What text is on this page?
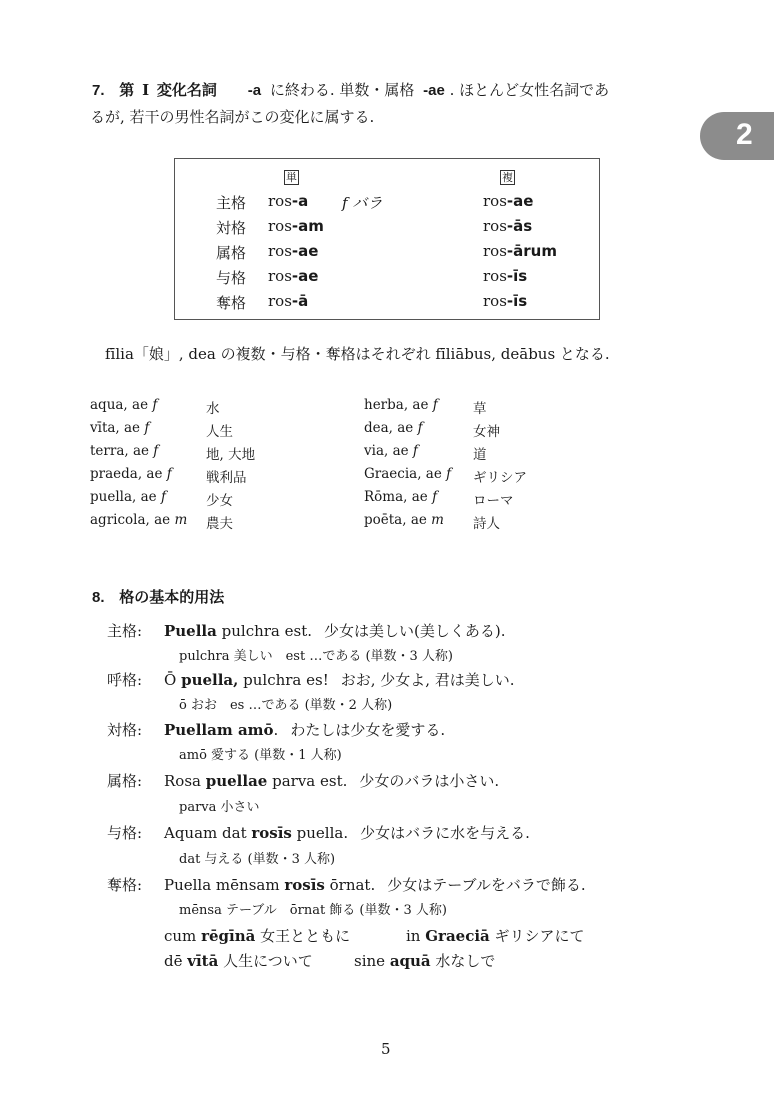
2
7. 第 I 変化名詞 -a に終わる. 単数・属格 -ae . ほとんど女性名詞であ
るが, 若干の男性名詞がこの変化に属する.
単	複
f バラ
主格 ros-a	ros-ae
対格 ros-am	ros-ās
属格 ros-ae	ros-ārum
与格 ros-ae	ros-īs
奪格 ros-ā	ros-īs
fīlia「娘」, dea の複数・与格・奪格はそれぞれ fīliābus, deābus となる.
aqua, ae f	水
vīta, ae f	人生
terra, ae f	地, 大地
praeda, ae f	戦利品
puella, ae f	少女
agricola, ae m 農夫
herba, ae f	草
dea, ae f	女神
via, ae f	道
Graecia, ae f ギリシア
Rōma, ae f	ローマ
poēta, ae m 詩人
8. 格の基本的用法
主格: Puella pulchra est. 少女は美しい(美しくある).
pulchra 美しい　est …である (単数・3 人称)
呼格: Ō puella, pulchra es! おお, 少女よ, 君は美しい.
ō おお　es …である (単数・2 人称)
対格: Puellam amō. わたしは少女を愛する.
amō 愛する (単数・1 人称)
属格: Rosa puellae parva est. 少女のバラは小さい.
parva 小さい
与格: Aquam dat rosīs puella. 少女はバラに水を与える.
dat 与える (単数・3 人称)
奪格: Puella mēnsam rosīs ōrnat. 少女はテーブルをバラで飾る.
mēnsa テーブル　ōrnat 飾る (単数・3 人称)
cum rēgīnā 女王とともに	in Graeciā ギリシアにて
dē vītā 人生について	sine aquā 水なしで
5
